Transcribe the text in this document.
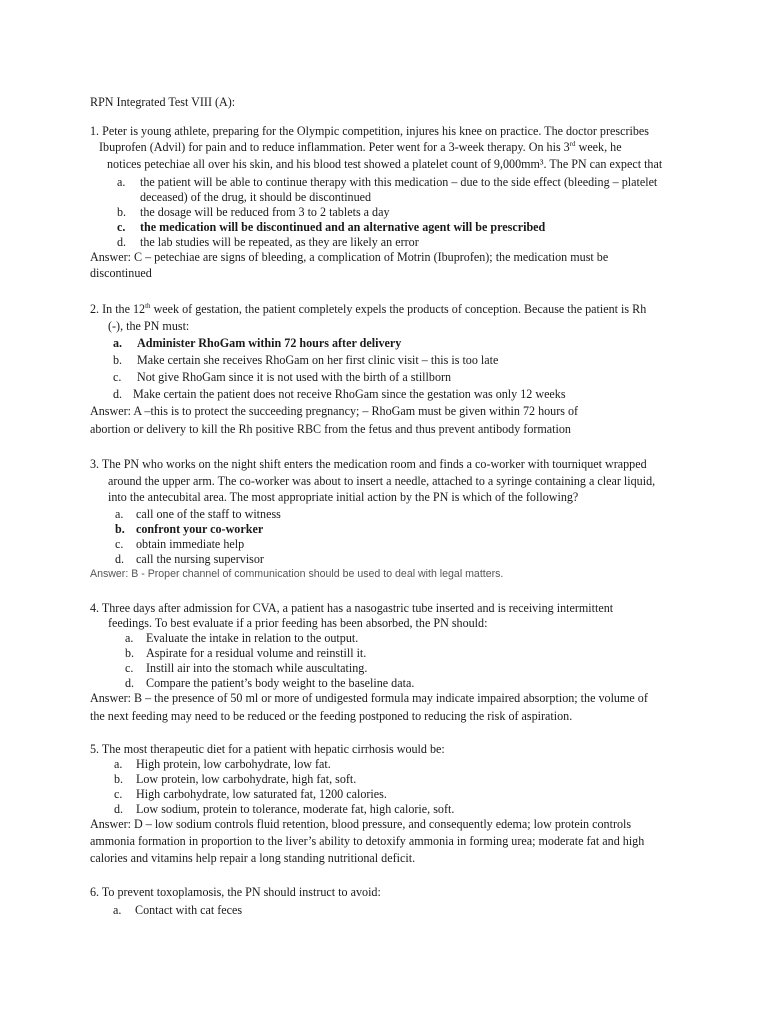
RPN Integrated Test VIII (A):
1. Peter is young athlete, preparing for the Olympic competition, injures his knee on practice. The doctor prescribes
Ibuprofen (Advil) for pain and to reduce inflammation. Peter went for a 3-week therapy. On his 3rd week, he
notices petechiae all over his skin, and his blood test showed a platelet count of 9,000mm³. The PN can expect that
a. the patient will be able to continue therapy with this medication – due to the side effect (bleeding – platelet
deceased) of the drug, it should be discontinued
b. the dosage will be reduced from 3 to 2 tablets a day
c. the medication will be discontinued and an alternative agent will be prescribed
d. the lab studies will be repeated, as they are likely an error
Answer: C – petechiae are signs of bleeding, a complication of Motrin (Ibuprofen); the medication must be
discontinued
2. In the 12th week of gestation, the patient completely expels the products of conception. Because the patient is Rh
(-), the PN must:
a. Administer RhoGam within 72 hours after delivery
b. Make certain she receives RhoGam on her first clinic visit – this is too late
c. Not give RhoGam since it is not used with the birth of a stillborn
d. Make certain the patient does not receive RhoGam since the gestation was only 12 weeks
Answer: A –this is to protect the succeeding pregnancy; – RhoGam must be given within 72 hours of
abortion or delivery to kill the Rh positive RBC from the fetus and thus prevent antibody formation
3. The PN who works on the night shift enters the medication room and finds a co-worker with tourniquet wrapped
around the upper arm. The co-worker was about to insert a needle, attached to a syringe containing a clear liquid,
into the antecubital area. The most appropriate initial action by the PN is which of the following?
a. call one of the staff to witness
b. confront your co-worker
c. obtain immediate help
d. call the nursing supervisor
Answer: B - Proper channel of communication should be used to deal with legal matters.
4. Three days after admission for CVA, a patient has a nasogastric tube inserted and is receiving intermittent
feedings. To best evaluate if a prior feeding has been absorbed, the PN should:
a. Evaluate the intake in relation to the output.
b. Aspirate for a residual volume and reinstill it.
c. Instill air into the stomach while auscultating.
d. Compare the patient’s body weight to the baseline data.
Answer: B – the presence of 50 ml or more of undigested formula may indicate impaired absorption; the volume of
the next feeding may need to be reduced or the feeding postponed to reducing the risk of aspiration.
5. The most therapeutic diet for a patient with hepatic cirrhosis would be:
a. High protein, low carbohydrate, low fat.
b. Low protein, low carbohydrate, high fat, soft.
c. High carbohydrate, low saturated fat, 1200 calories.
d. Low sodium, protein to tolerance, moderate fat, high calorie, soft.
Answer: D – low sodium controls fluid retention, blood pressure, and consequently edema; low protein controls
ammonia formation in proportion to the liver’s ability to detoxify ammonia in forming urea; moderate fat and high
calories and vitamins help repair a long standing nutritional deficit.
6. To prevent toxoplamosis, the PN should instruct to avoid:
a. Contact with cat feces
